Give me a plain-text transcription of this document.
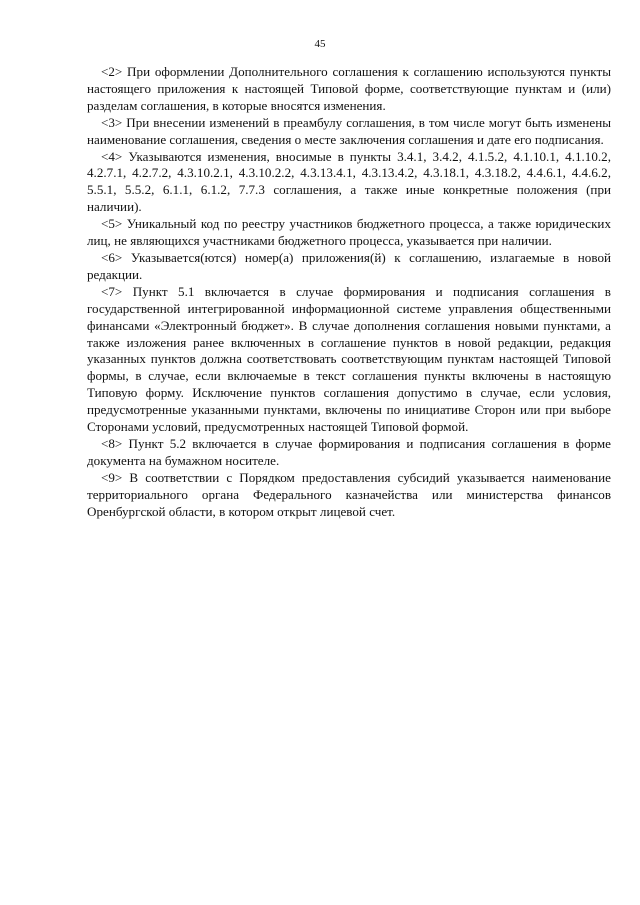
45

<2> При оформлении Дополнительного соглашения к соглашению используются пункты настоящего приложения к настоящей Типовой форме, соответствующие пунктам и (или) разделам соглашения, в которые вносятся изменения.

<3> При внесении изменений в преамбулу соглашения, в том числе могут быть изменены наименование соглашения, сведения о месте заключения соглашения и дате его подписания.

<4> Указываются изменения, вносимые в пункты 3.4.1, 3.4.2, 4.1.5.2, 4.1.10.1, 4.1.10.2, 4.2.7.1, 4.2.7.2, 4.3.10.2.1, 4.3.10.2.2, 4.3.13.4.1, 4.3.13.4.2, 4.3.18.1, 4.3.18.2, 4.4.6.1, 4.4.6.2, 5.5.1, 5.5.2, 6.1.1, 6.1.2, 7.7.3 соглашения, а также иные конкретные положения (при наличии).

<5> Уникальный код по реестру участников бюджетного процесса, а также юридических лиц, не являющихся участниками бюджетного процесса, указывается при наличии.

<6> Указывается(ются) номер(а) приложения(й) к соглашению, излагаемые в новой редакции.

<7> Пункт 5.1 включается в случае формирования и подписания соглашения в государственной интегрированной информационной системе управления общественными финансами «Электронный бюджет». В случае дополнения соглашения новыми пунктами, а также изложения ранее включенных в соглашение пунктов в новой редакции, редакция указанных пунктов должна соответствовать соответствующим пунктам настоящей Типовой формы, в случае, если включаемые в текст соглашения пункты включены в настоящую Типовую форму. Исключение пунктов соглашения допустимо в случае, если условия, предусмотренные указанными пунктами, включены по инициативе Сторон или при выборе Сторонами условий, предусмотренных настоящей Типовой формой.

<8> Пункт 5.2 включается в случае формирования и подписания соглашения в форме документа на бумажном носителе.

<9> В соответствии с Порядком предоставления субсидий указывается наименование территориального органа Федерального казначейства или министерства финансов Оренбургской области, в котором открыт лицевой счет.
